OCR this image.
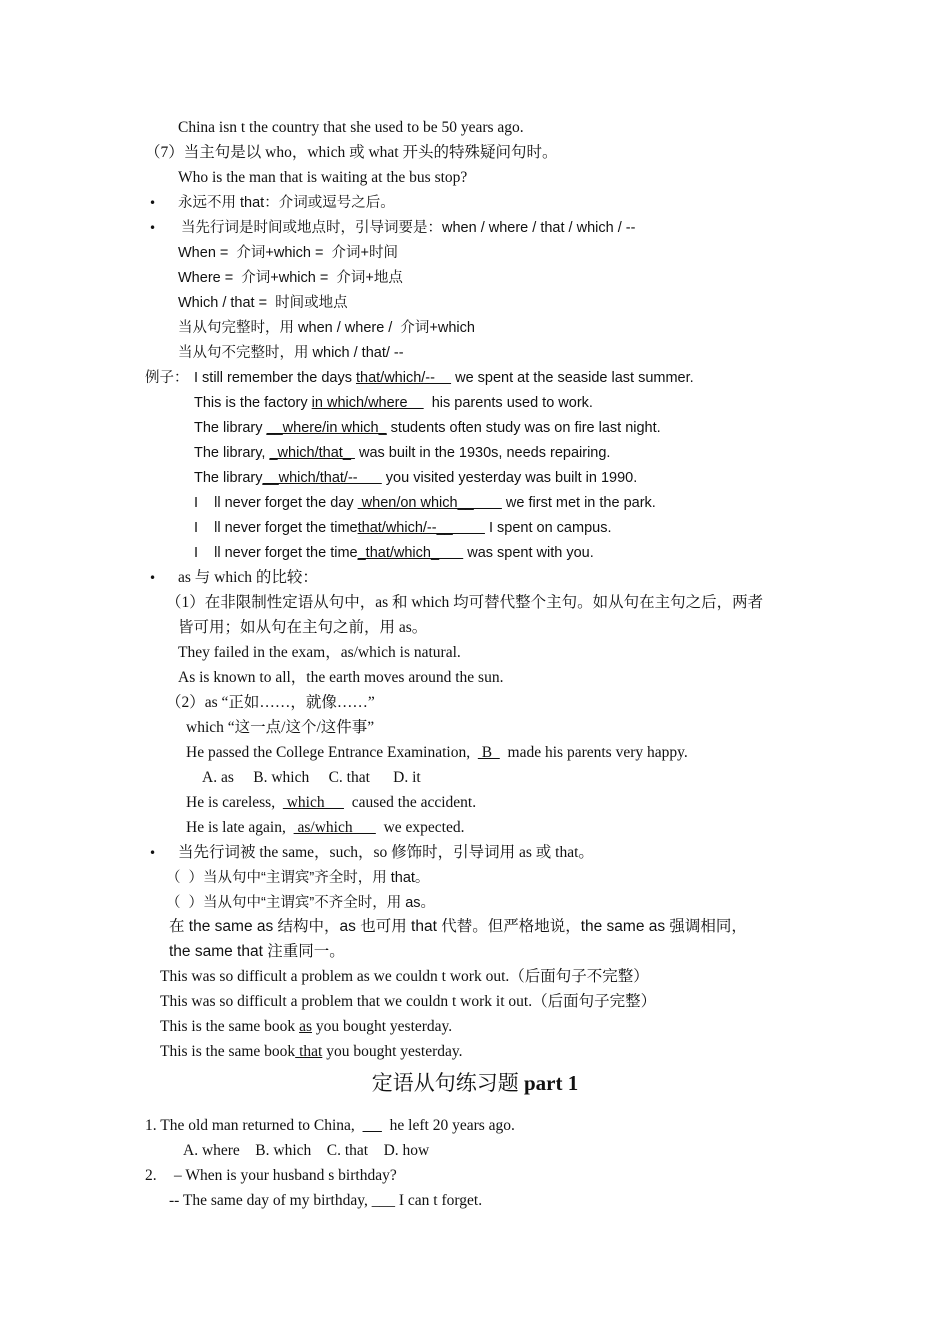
China isn t the country that she used to be 50 years ago.
（7）当主句是以 who，which 或 what 开头的特殊疑问句时。
Who is the man that is waiting at the bus stop?
• 永远不用 that：介词或逗号之后。
• 当先行词是时间或地点时，引导词要是：when / where / that / which / --
When =  介词+which =  介词+时间
Where =  介词+which =  介词+地点
Which / that =  时间或地点
当从句完整时，用 when / where /  介词+which
当从句不完整时，用 which / that/ --
例子： I still remember the days that/which/--     we spent at the seaside last summer.
This is the factory in which/where      his parents used to work.
The library __where/in which_ students often study was on fire last night.
The library, _which/that_  was built in the 1930s, needs repairing.
The library__which/that/--       you visited yesterday was built in 1990.
I    ll never forget the day  when/on which__        we first met in the park.
I    ll never forget the timethat/which/--__         I spent on campus.
I    ll never forget the time_that/which_       was spent with you.
• as 与 which 的比较：
（1）在非限制性定语从句中，as 和 which 均可替代整个主句。如从句在主句之后，两者
皆可用；如从句在主句之前，用 as。
They failed in the exam，as/which is natural.
As is known to all，the earth moves around the sun.
（2）as “正如……，就像……”
which “这一点/这个/这件事”
He passed the College Entrance Examination,   B    made his parents very happy.
A. as     B. which     C. that      D. it
He is careless,   which       caused the accident.
He is late again,   as/which        we expected.
• 当先行词被 the same，such，so 修饰时，引导词用 as 或 that。
（  ）当从句中“主谓宾”齐全时，用 that。
（  ）当从句中“主谓宾”不齐全时，用 as。
在 the same as 结构中，as 也可用 that 代替。但严格地说，the same as 强调相同，
the same that 注重同一。
This was so difficult a problem as we couldn t work out.（后面句子不完整）
This was so difficult a problem that we couldn t work it out.（后面句子完整）
This is the same book as you bought yesterday.
This is the same book that you bought yesterday.
定语从句练习题 part 1
1. The old man returned to China,         he left 20 years ago.
A. where    B. which    C. that    D. how
2. – When is your husband s birthday?
-- The same day of my birthday, ___ I can t forget.
